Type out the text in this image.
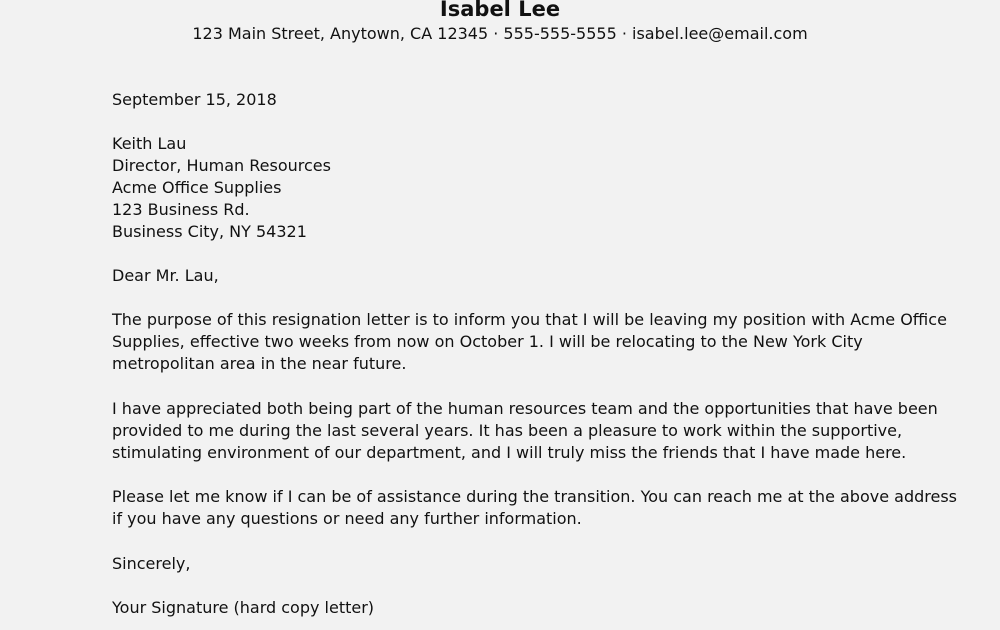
Isabel Lee
123 Main Street, Anytown, CA 12345 · 555-555-5555 · isabel.lee@email.com
September 15, 2018
Keith Lau
Director, Human Resources
Acme Office Supplies
123 Business Rd.
Business City, NY 54321
Dear Mr. Lau,
The purpose of this resignation letter is to inform you that I will be leaving my position with Acme Office
Supplies, effective two weeks from now on October 1. I will be relocating to the New York City
metropolitan area in the near future.
I have appreciated both being part of the human resources team and the opportunities that have been
provided to me during the last several years. It has been a pleasure to work within the supportive,
stimulating environment of our department, and I will truly miss the friends that I have made here.
Please let me know if I can be of assistance during the transition. You can reach me at the above address
if you have any questions or need any further information.
Sincerely,
Your Signature (hard copy letter)
